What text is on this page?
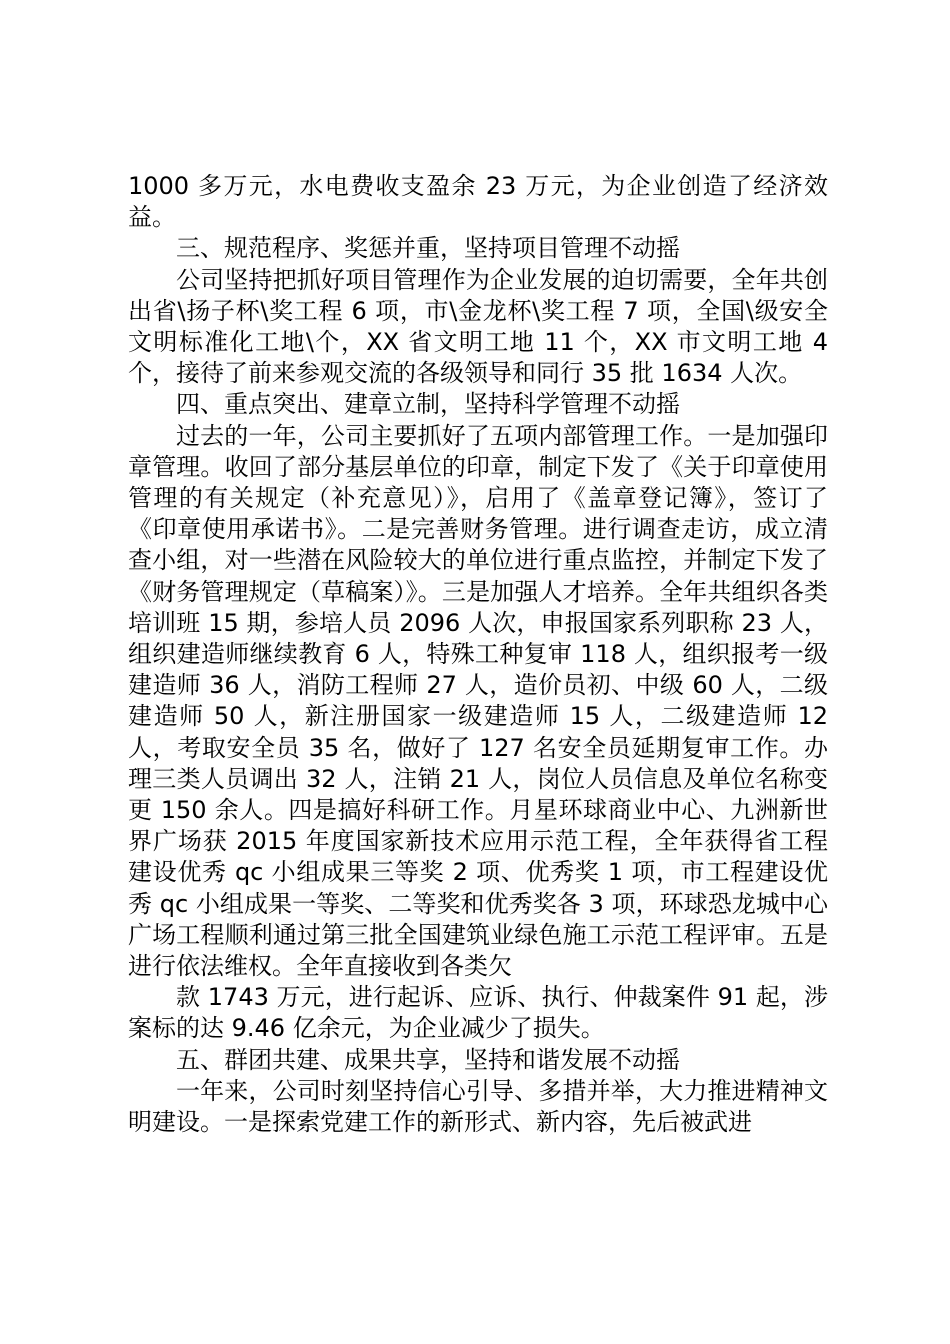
1000 多万元，水电费收支盈余 23 万元，为企业创造了经济效益。

三、规范程序、奖惩并重，坚持项目管理不动摇

公司坚持把抓好项目管理作为企业发展的迫切需要，全年共创出省\扬子杯\奖工程 6 项，市\金龙杯\奖工程 7 项，全国\级安全文明标准化工地\个，XX 省文明工地 11 个，XX 市文明工地 4 个，接待了前来参观交流的各级领导和同行 35 批 1634 人次。

四、重点突出、建章立制，坚持科学管理不动摇

过去的一年，公司主要抓好了五项内部管理工作。一是加强印章管理。收回了部分基层单位的印章，制定下发了《关于印章使用管理的有关规定（补充意见）》，启用了《盖章登记簿》，签订了《印章使用承诺书》。二是完善财务管理。进行调查走访，成立清查小组，对一些潜在风险较大的单位进行重点监控，并制定下发了《财务管理规定（草稿案）》。三是加强人才培养。全年共组织各类培训班 15 期，参培人员 2096 人次，申报国家系列职称 23 人，组织建造师继续教育 6 人，特殊工种复审 118 人，组织报考一级建造师 36 人，消防工程师 27 人，造价员初、中级 60 人，二级建造师 50 人，新注册国家一级建造师 15 人，二级建造师 12 人，考取安全员 35 名，做好了 127 名安全员延期复审工作。办理三类人员调出 32 人，注销 21 人，岗位人员信息及单位名称变更 150 余人。四是搞好科研工作。月星环球商业中心、九洲新世界广场获 2015 年度国家新技术应用示范工程，全年获得省工程建设优秀 qc 小组成果三等奖 2 项、优秀奖 1 项，市工程建设优秀 qc 小组成果一等奖、二等奖和优秀奖各 3 项，环球恐龙城中心广场工程顺利通过第三批全国建筑业绿色施工示范工程评审。五是进行依法维权。全年直接收到各类欠

款 1743 万元，进行起诉、应诉、执行、仲裁案件 91 起，涉案标的达 9.46 亿余元，为企业减少了损失。

五、群团共建、成果共享，坚持和谐发展不动摇

一年来，公司时刻坚持信心引导、多措并举，大力推进精神文明建设。一是探索党建工作的新形式、新内容，先后被武进
